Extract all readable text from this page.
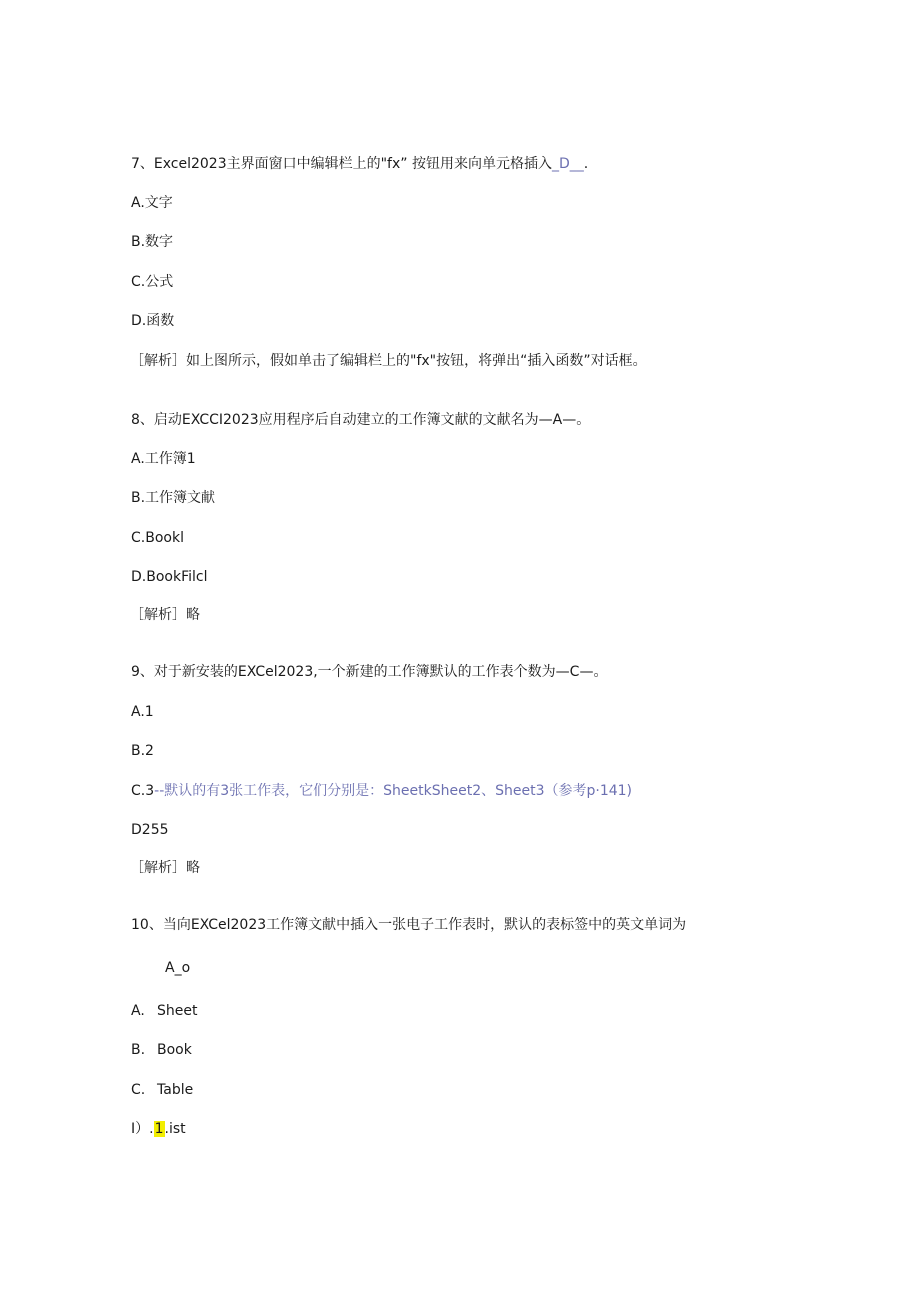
7、Excel2023主界面窗口中编辑栏上的"fx” 按钮用来向单元格插入_D__.
A.文字
B.数字
C.公式
D.函数
［解析］如上图所示，假如单击了编辑栏上的"fx"按钮，将弹出“插入函数”对话框。
8、启动EXCCI2023应用程序后自动建立的工作簿文献的文献名为—A—。
A.工作簿1
B.工作簿文献
C.Bookl
D.BookFilcl
［解析］略
9、对于新安装的EXCel2023,一个新建的工作簿默认的工作表个数为—C—。
A.1
B.2
C.3--默认的有3张工作表，它们分别是：SheetkSheet2、Sheet3（参考p·141)
D255
［解析］略
10、当向EXCel2023工作簿文献中插入一张电子工作表时，默认的表标签中的英文单词为
A_o
A. Sheet
B. Book
C. Table
I）.1.ist
